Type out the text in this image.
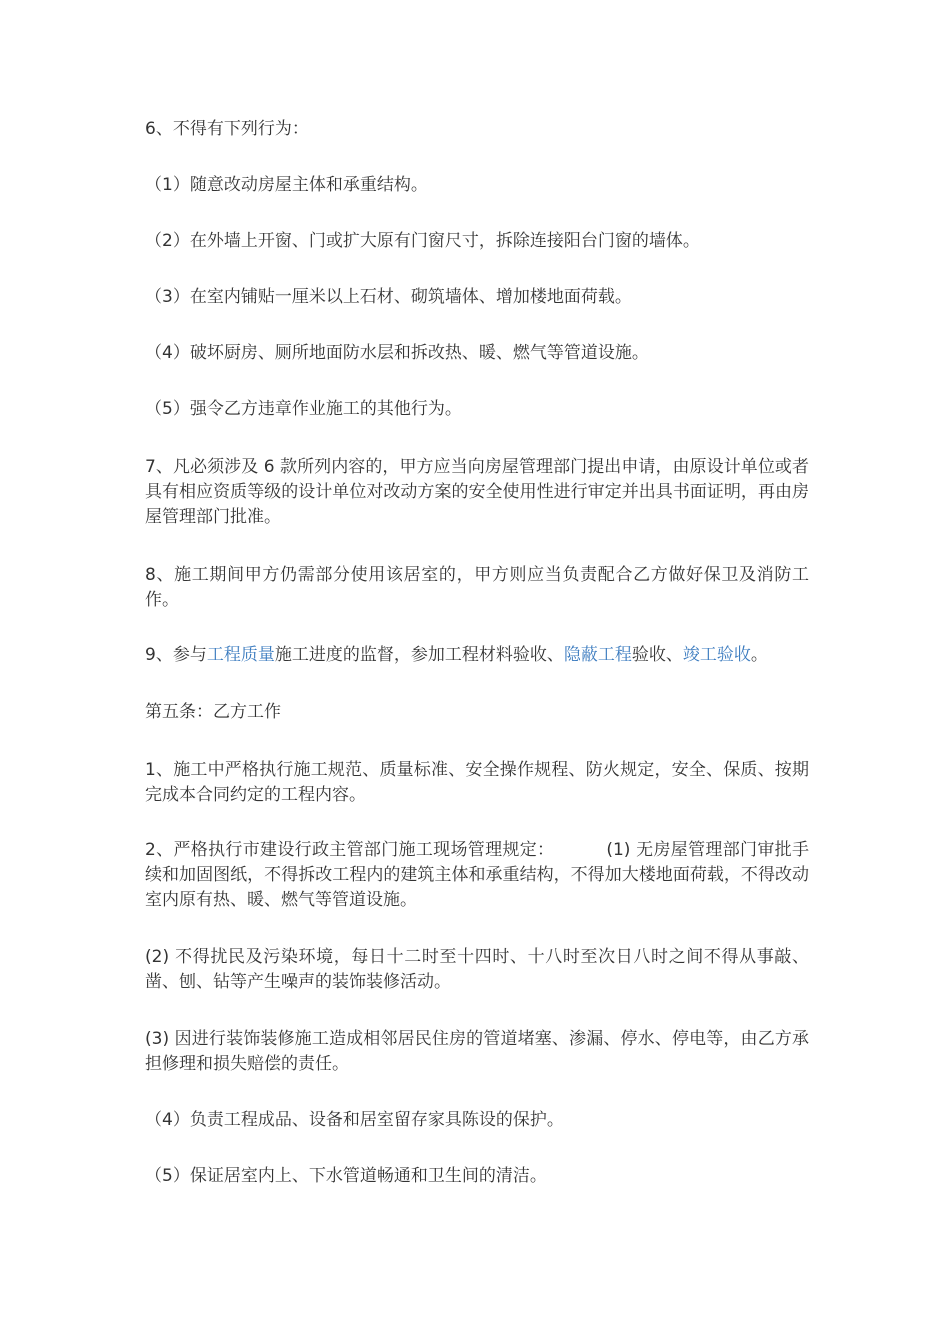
6、不得有下列行为：

（1）随意改动房屋主体和承重结构。

（2）在外墙上开窗、门或扩大原有门窗尺寸，拆除连接阳台门窗的墙体。

（3）在室内铺贴一厘米以上石材、砌筑墙体、增加楼地面荷载。

（4）破坏厨房、厕所地面防水层和拆改热、暖、燃气等管道设施。

（5）强令乙方违章作业施工的其他行为。

7、凡必须涉及 6 款所列内容的，甲方应当向房屋管理部门提出申请，由原设计单位或者具有相应资质等级的设计单位对改动方案的安全使用性进行审定并出具书面证明，再由房屋管理部门批准。

8、施工期间甲方仍需部分使用该居室的，甲方则应当负责配合乙方做好保卫及消防工作。

9、参与工程质量施工进度的监督，参加工程材料验收、隐蔽工程验收、竣工验收。

第五条：乙方工作

1、施工中严格执行施工规范、质量标准、安全操作规程、防火规定，安全、保质、按期完成本合同约定的工程内容。

2、严格执行市建设行政主管部门施工现场管理规定：	(1) 无房屋管理部门审批手续和加固图纸，不得拆改工程内的建筑主体和承重结构，不得加大楼地面荷载，不得改动室内原有热、暖、燃气等管道设施。

(2) 不得扰民及污染环境，每日十二时至十四时、十八时至次日八时之间不得从事敲、凿、刨、钻等产生噪声的装饰装修活动。

(3) 因进行装饰装修施工造成相邻居民住房的管道堵塞、渗漏、停水、停电等，由乙方承担修理和损失赔偿的责任。

（4）负责工程成品、设备和居室留存家具陈设的保护。

（5）保证居室内上、下水管道畅通和卫生间的清洁。
